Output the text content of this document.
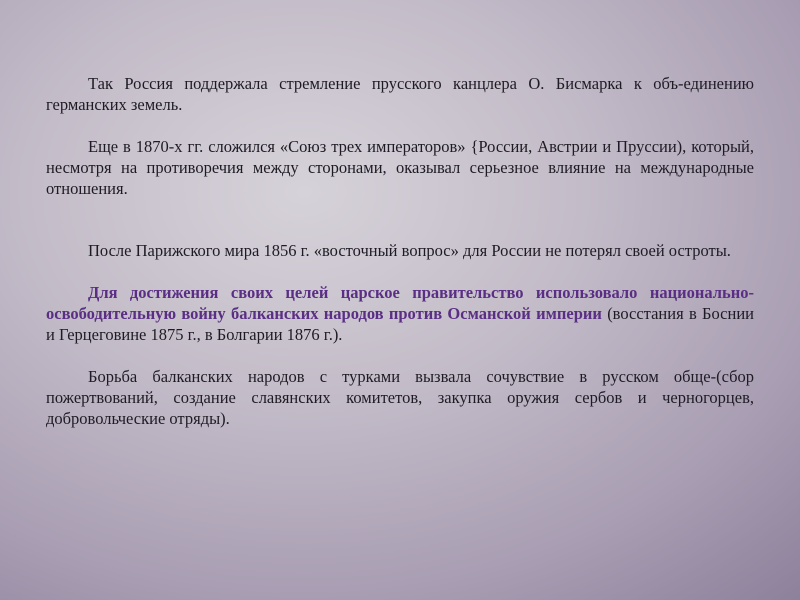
Так Россия поддержала стремление прусского канцлера О. Бисмарка к объ-единению германских земель.

Еще в 1870-х гг. сложился «Союз трех императоров» {России, Австрии и Пруссии), который, несмотря на противоречия между сторонами, оказывал серьезное влияние на международные отношения.

После Парижского мира 1856 г. «восточный вопрос» для России не потерял своей остроты.

Для достижения своих целей царское правительство использовало национально-освободительную войну балканских народов против Османской империи (восстания в Боснии и Герцеговине 1875 г., в Болгарии 1876 г.).

Борьба балканских народов с турками вызвала сочувствие в русском обще-(сбор пожертвований, создание славянских комитетов, закупка оружия сербов и черногорцев, добровольческие отряды).
